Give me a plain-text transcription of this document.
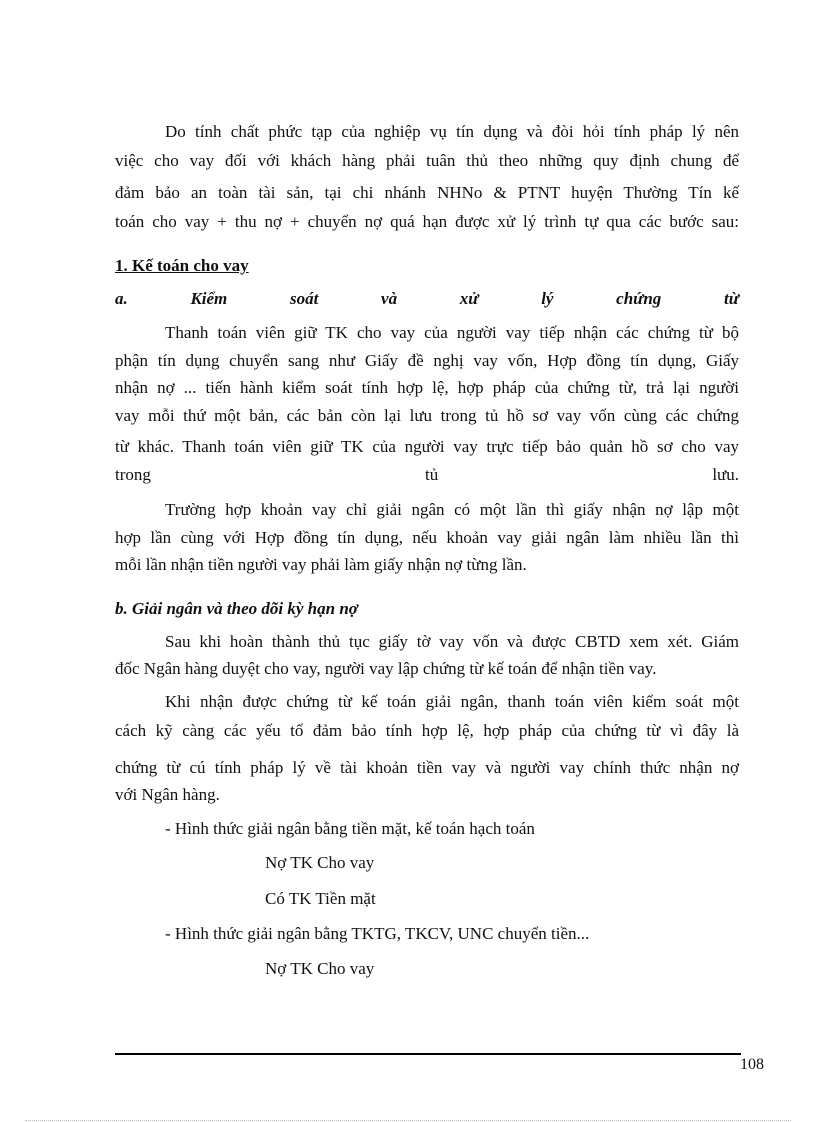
Do tính chất phức tạp của nghiệp vụ tín dụng và đòi hỏi tính pháp lý nên
việc cho vay đối với khách hàng phải tuân thủ theo những quy định chung để
đảm bảo an toàn tài sản, tại chi nhánh NHNo & PTNT huyện Thường Tín kế
toán cho vay + thu nợ + chuyển nợ quá hạn được xử lý trình tự qua các bước sau:
1. Kế toán cho vay
a.	Kiểm	soát	và	xử	lý	chứng	từ
Thanh toán viên giữ TK cho vay của người vay tiếp nhận các chứng từ bộ
phận tín dụng chuyển sang như Giấy đề nghị vay vốn, Hợp đồng tín dụng, Giấy
nhận nợ ... tiến hành kiểm soát tính hợp lệ, hợp pháp của chứng từ, trả lại người
vay mỗi thứ một bản, các bản còn lại lưu trong tủ hồ sơ vay vốn cùng các chứng
từ khác. Thanh toán viên giữ TK của người vay trực tiếp bảo quản hồ sơ cho vay
trong	tủ	lưu.
Trường hợp khoản vay chỉ giải ngân có một lần thì giấy nhận nợ lập một
hợp lần cùng với Hợp đồng tín dụng, nếu khoản vay giải ngân làm nhiều lần thì
mỗi lần nhận tiền người vay phải làm giấy nhận nợ từng lần.
b. Giải ngân và theo dõi kỳ hạn nợ
Sau khi hoàn thành thủ tục giấy tờ vay vốn và được CBTD xem xét. Giám
đốc Ngân hàng duyệt cho vay, người vay lập chứng từ kế toán để nhận tiền vay.
Khi nhận được chứng từ kế toán giải ngân, thanh toán viên kiểm soát một
cách kỹ càng các yếu tố đảm bảo tính hợp lệ, hợp pháp của chứng từ vì đây là
chứng từ cú tính pháp lý về tài khoản tiền vay và người vay chính thức nhận nợ
với Ngân hàng.
- Hình thức giải ngân bằng tiền mặt, kế toán hạch toán
Nợ TK Cho vay
Có TK Tiền mặt
- Hình thức giải ngân bằng TKTG, TKCV, UNC chuyển tiền...
Nợ TK Cho vay
108
